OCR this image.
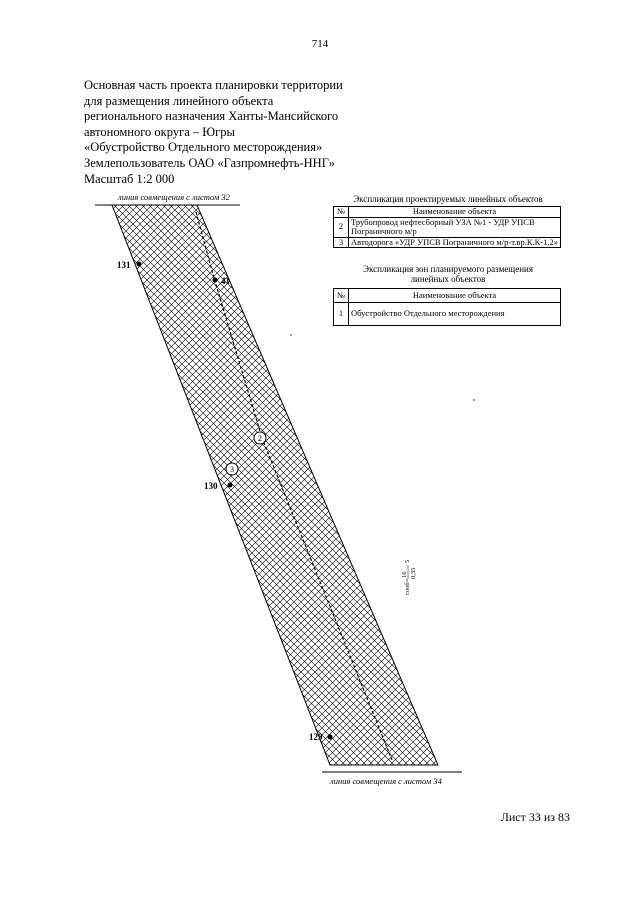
714
Основная часть проекта планировки территории
для размещения линейного объекта
регионального назначения Ханты-Мансийского
автономного округа – Югры
«Обустройство Отдельного месторождения»
Землепользователь ОАО «Газпромнефть-ННГ»
Масштаб 1:2 000
Экспликация проектируемых линейных объектов
№	Наименование объекта
2	Трубопровод нефтесборный УЗА №1 - УДР УПСВ Пограничного м/р
3	Автодорога «УДР УПСВ Пограничного м/р-т.вр.К.К-1,2»
Экспликация зон планируемого размещения
линейных объектов
№	Наименование объекта
1	Обустройство Отдельного месторождения
линия совмещения с листом 32
линия совмещения с листом 34
131
41
130
129
2
3
сооб=
16 0,35
5
Лист 33 из 83
